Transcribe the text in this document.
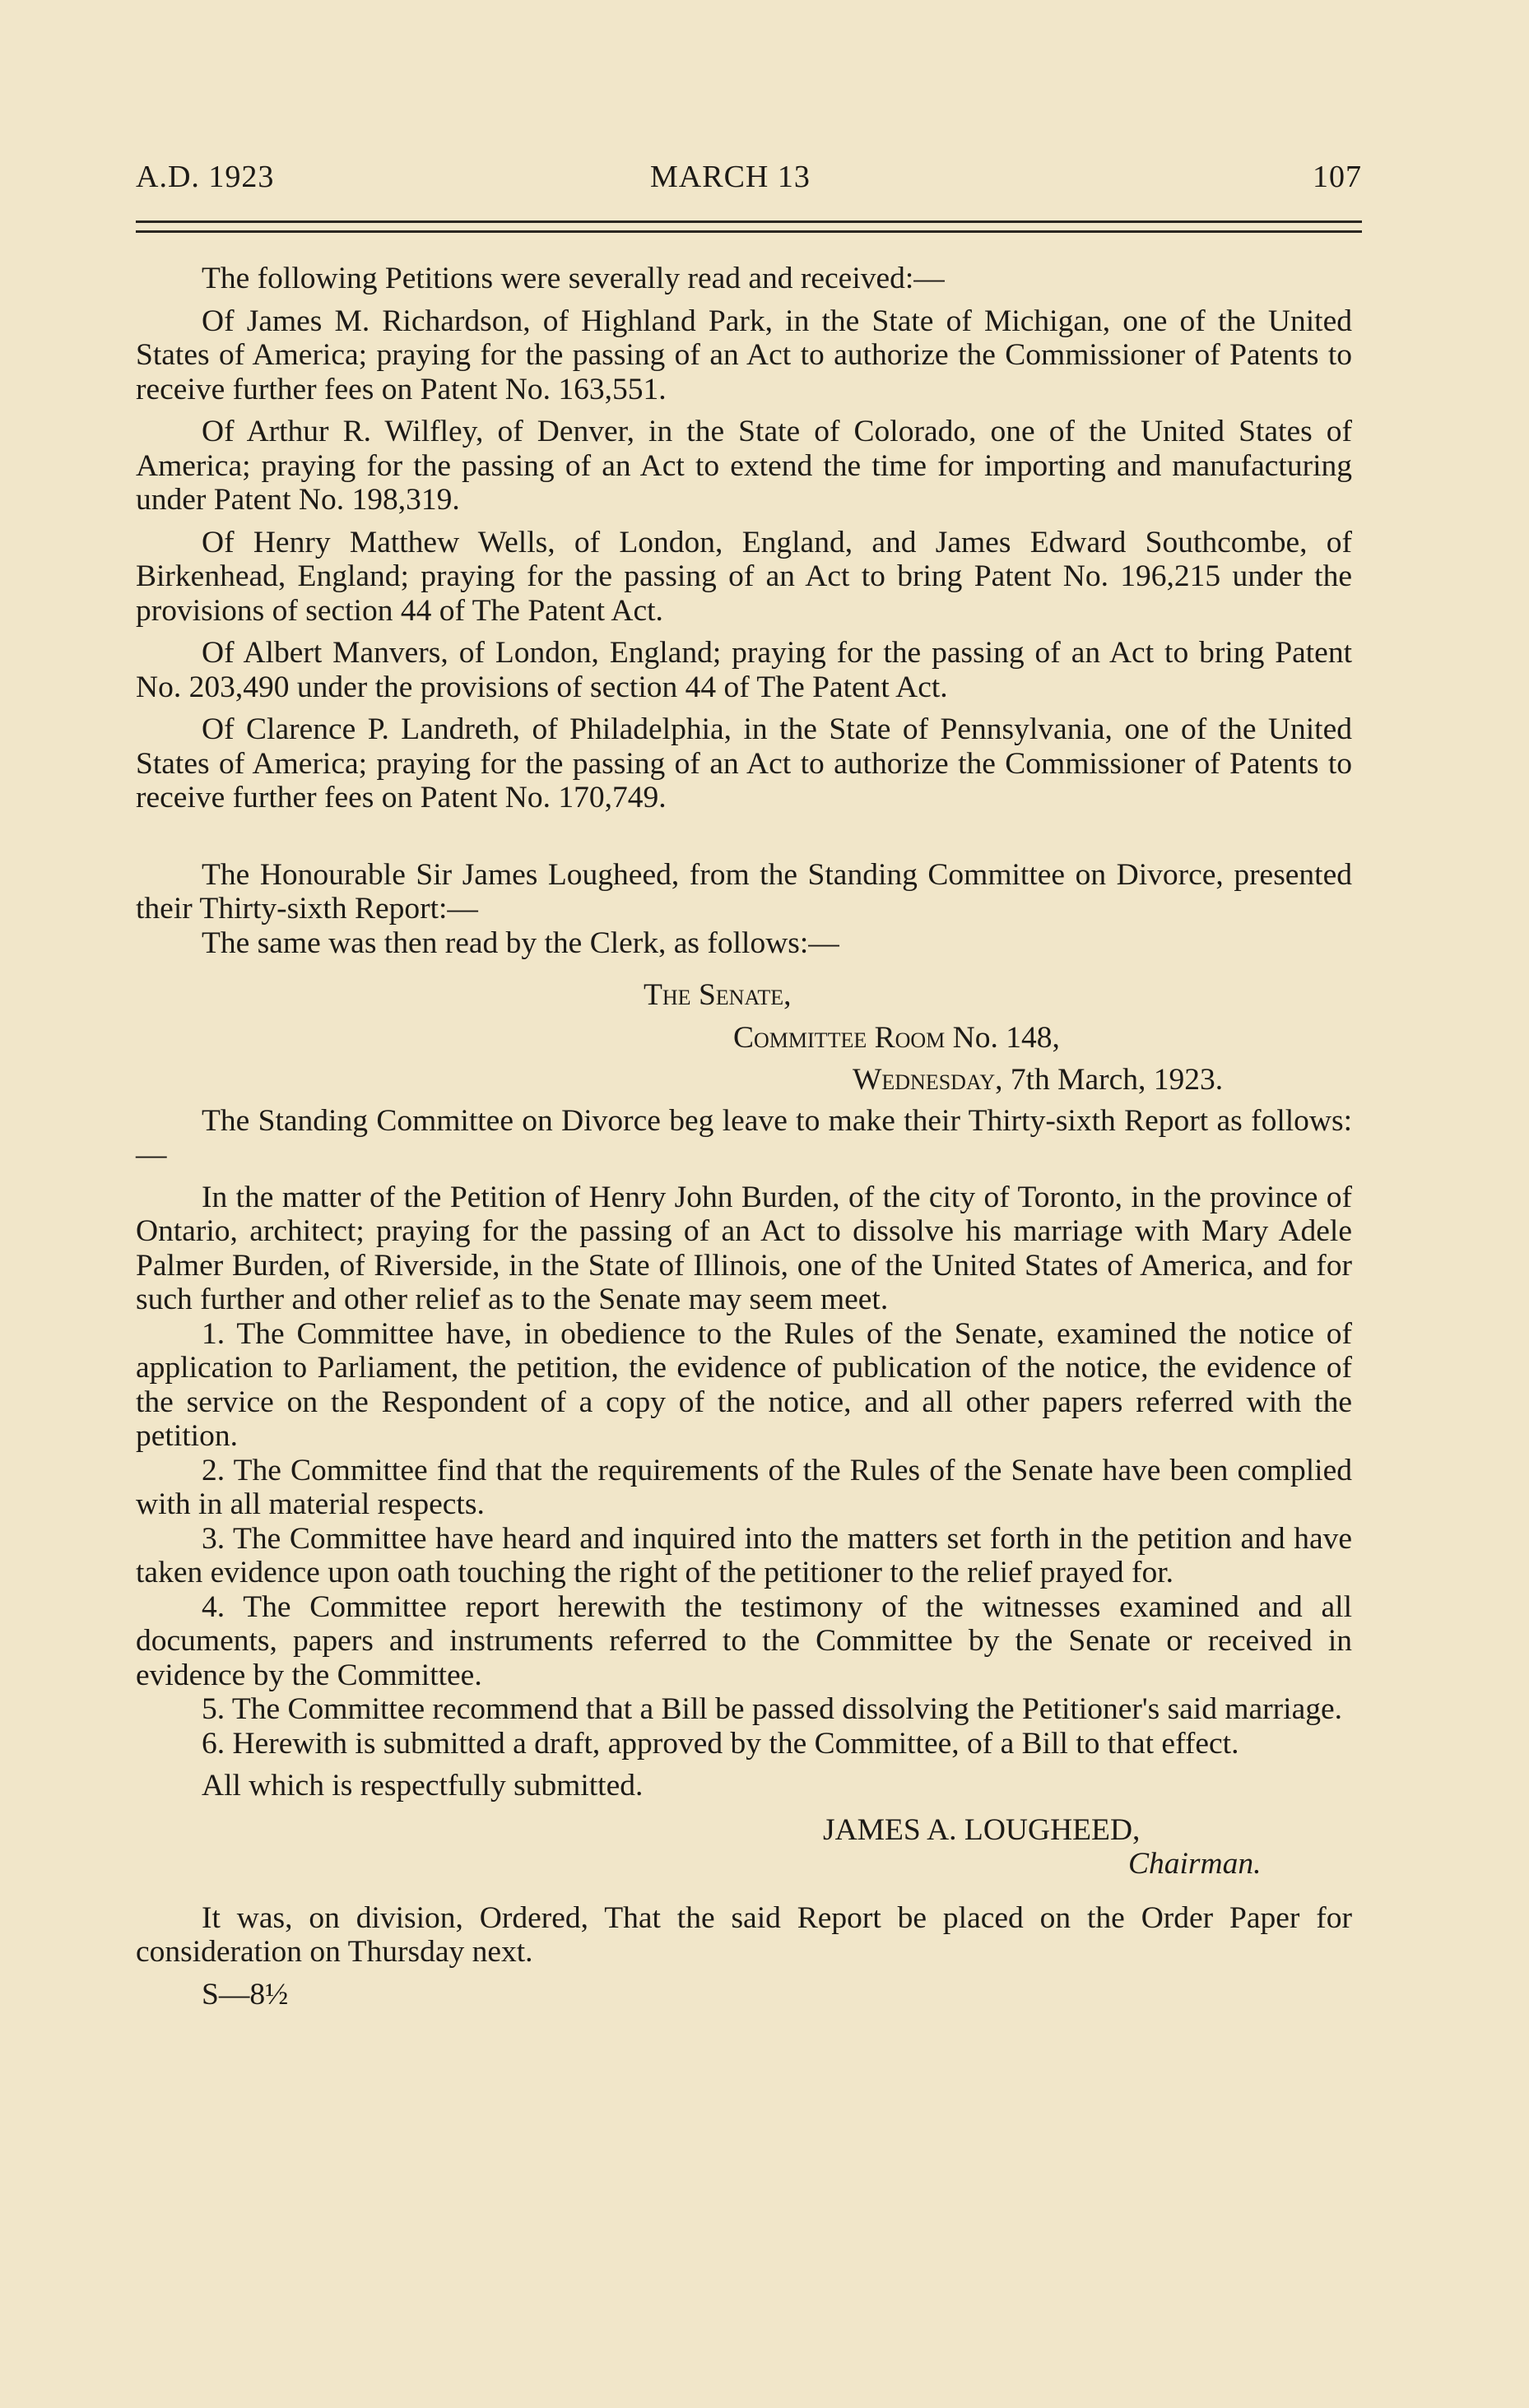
A.D. 1923	MARCH 13	107

The following Petitions were severally read and received:—

Of James M. Richardson, of Highland Park, in the State of Michigan, one of the United States of America; praying for the passing of an Act to authorize the Commissioner of Patents to receive further fees on Patent No. 163,551.

Of Arthur R. Wilfley, of Denver, in the State of Colorado, one of the United States of America; praying for the passing of an Act to extend the time for importing and manufacturing under Patent No. 198,319.

Of Henry Matthew Wells, of London, England, and James Edward Southcombe, of Birkenhead, England; praying for the passing of an Act to bring Patent No. 196,215 under the provisions of section 44 of The Patent Act.

Of Albert Manvers, of London, England; praying for the passing of an Act to bring Patent No. 203,490 under the provisions of section 44 of The Patent Act.

Of Clarence P. Landreth, of Philadelphia, in the State of Pennsylvania, one of the United States of America; praying for the passing of an Act to authorize the Commissioner of Patents to receive further fees on Patent No. 170,749.

The Honourable Sir James Lougheed, from the Standing Committee on Divorce, presented their Thirty-sixth Report:—

The same was then read by the Clerk, as follows:—

The Senate,
Committee Room No. 148,
Wednesday, 7th March, 1923.

The Standing Committee on Divorce beg leave to make their Thirty-sixth Report as follows:—

In the matter of the Petition of Henry John Burden, of the city of Toronto, in the province of Ontario, architect; praying for the passing of an Act to dissolve his marriage with Mary Adele Palmer Burden, of Riverside, in the State of Illinois, one of the United States of America, and for such further and other relief as to the Senate may seem meet.

1. The Committee have, in obedience to the Rules of the Senate, examined the notice of application to Parliament, the petition, the evidence of publication of the notice, the evidence of the service on the Respondent of a copy of the notice, and all other papers referred with the petition.

2. The Committee find that the requirements of the Rules of the Senate have been complied with in all material respects.

3. The Committee have heard and inquired into the matters set forth in the petition and have taken evidence upon oath touching the right of the petitioner to the relief prayed for.

4. The Committee report herewith the testimony of the witnesses examined and all documents, papers and instruments referred to the Committee by the Senate or received in evidence by the Committee.

5. The Committee recommend that a Bill be passed dissolving the Petitioner's said marriage.

6. Herewith is submitted a draft, approved by the Committee, of a Bill to that effect.

All which is respectfully submitted.

JAMES A. LOUGHEED,
Chairman.

It was, on division, Ordered, That the said Report be placed on the Order Paper for consideration on Thursday next.

S—8½
